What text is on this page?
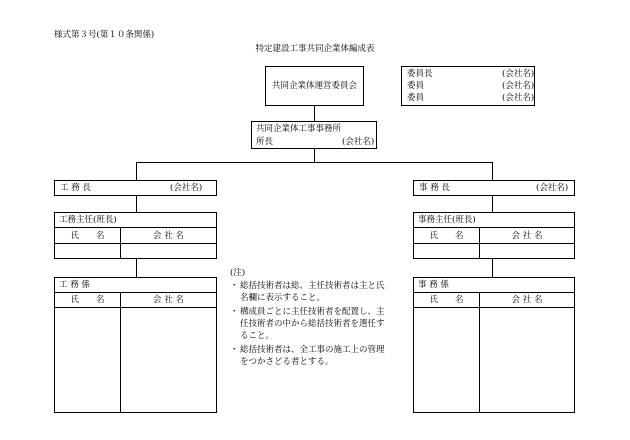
様式第３号(第１０条関係)
特定建設工事共同企業体編成表
共同企業体運営委員会
委員長	(会社名)
委員	(会社名)
委員	(会社名)
共同企業体工事事務所
所長	(会社名)
工 務 長	(会社名)
工務主任(班長)
氏　　名	会 社 名
工 務 係
氏　　名	会 社 名
事 務 長	(会社名)
事務主任(班長)
氏　　名	会 社 名
事 務 係
氏　　名	会 社 名
(注)
・ 総括技術者は総、主任技術者は主と氏名欄に表示すること。
・ 構成員ごとに主任技術者を配置し、主任技術者の中から総括技術者を選任すること。
・ 総括技術者は、全工事の施工上の管理をつかさどる者とする。
